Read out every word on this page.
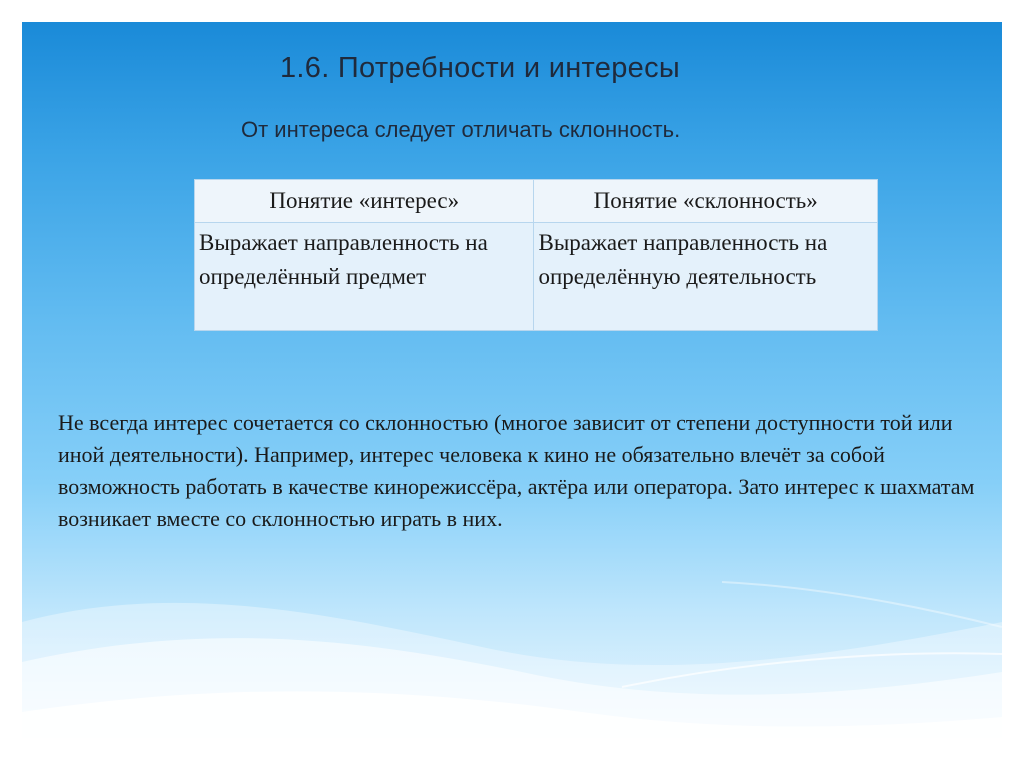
1.6. Потребности и интересы
От интереса следует отличать склонность.
Понятие «интерес»	Понятие «склонность»
Выражает направленность на определённый предмет	Выражает направленность на определённую деятельность

Не всегда интерес сочетается со склонностью (многое зависит от степени доступности той или иной деятельности). Например, интерес человека к кино не обязательно влечёт за собой возможность работать в качестве кинорежиссёра, актёра или оператора. Зато интерес к шахматам возникает вместе со склонностью играть в них.
